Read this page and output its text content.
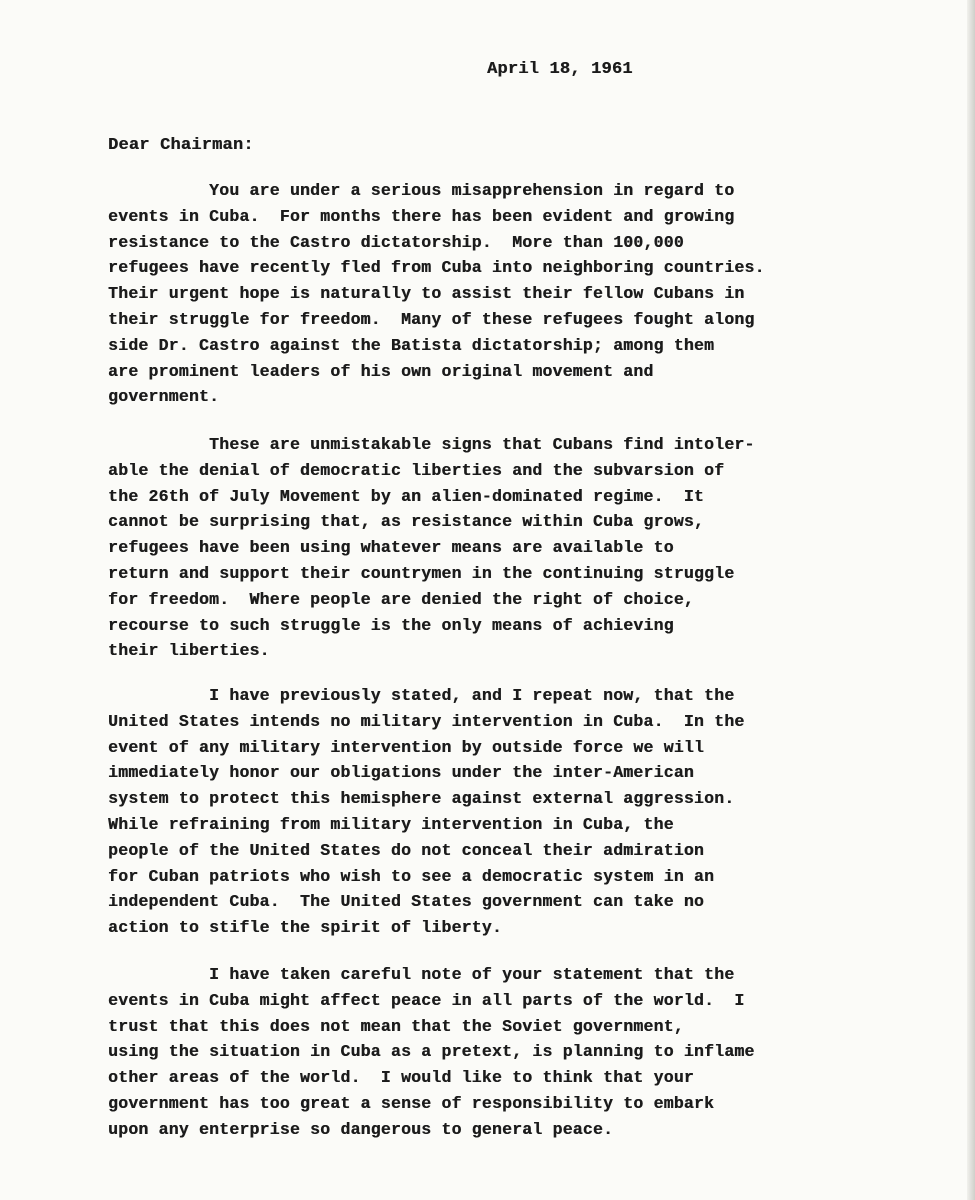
April 18, 1961
Dear Chairman:
You are under a serious misapprehension in regard to
events in Cuba.  For months there has been evident and growing
resistance to the Castro dictatorship.  More than 100,000
refugees have recently fled from Cuba into neighboring countries.
Their urgent hope is naturally to assist their fellow Cubans in
their struggle for freedom.  Many of these refugees fought along
side Dr. Castro against the Batista dictatorship; among them
are prominent leaders of his own original movement and
government.
These are unmistakable signs that Cubans find intoler-
able the denial of democratic liberties and the subvarsion of
the 26th of July Movement by an alien-dominated regime.  It
cannot be surprising that, as resistance within Cuba grows,
refugees have been using whatever means are available to
return and support their countrymen in the continuing struggle
for freedom.  Where people are denied the right of choice,
recourse to such struggle is the only means of achieving
their liberties.
I have previously stated, and I repeat now, that the
United States intends no military intervention in Cuba.  In the
event of any military intervention by outside force we will
immediately honor our obligations under the inter-American
system to protect this hemisphere against external aggression.
While refraining from military intervention in Cuba, the
people of the United States do not conceal their admiration
for Cuban patriots who wish to see a democratic system in an
independent Cuba.  The United States government can take no
action to stifle the spirit of liberty.
I have taken careful note of your statement that the
events in Cuba might affect peace in all parts of the world.  I
trust that this does not mean that the Soviet government,
using the situation in Cuba as a pretext, is planning to inflame
other areas of the world.  I would like to think that your
government has too great a sense of responsibility to embark
upon any enterprise so dangerous to general peace.
